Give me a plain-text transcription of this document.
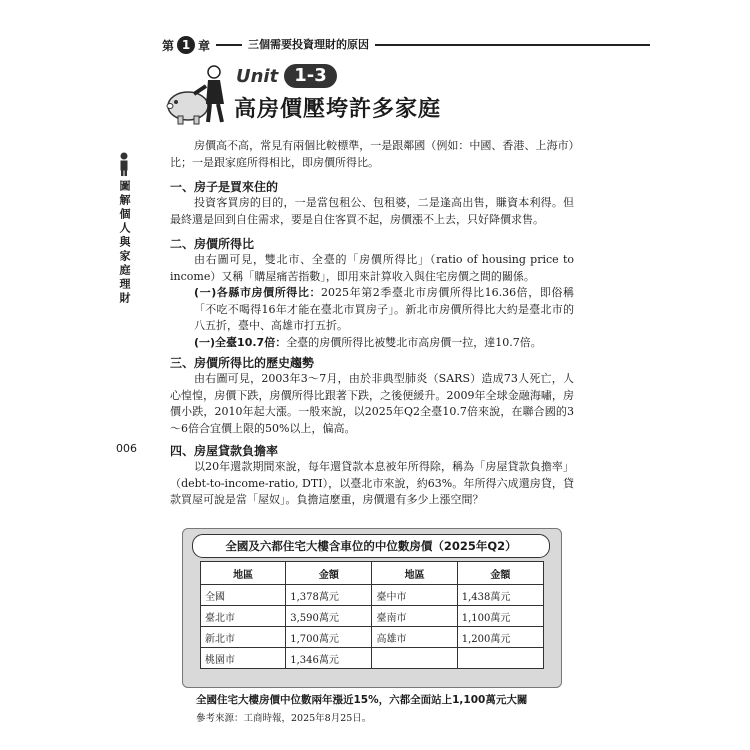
第 1 章	三個需要投資理財的原因
Unit 1-3
高房價壓垮許多家庭
圖解個人與家庭理財
006

房價高不高，常見有兩個比較標準，一是跟鄰國（例如：中國、香港、上海市）比；一是跟家庭所得相比，即房價所得比。

一、房子是買來住的

投資客買房的目的，一是當包租公、包租婆，二是逢高出售，賺資本利得。但最終還是回到自住需求，要是自住客買不起，房價漲不上去，只好降價求售。

二、房價所得比

由右圖可見，雙北市、全臺的「房價所得比」（ratio of housing price to income）又稱「購屋痛苦指數」，即用來計算收入與住宅房價之間的關係。

(一)各縣市房價所得比：2025年第2季臺北市房價所得比16.36倍，即俗稱「不吃不喝得16年才能在臺北市買房子」。新北市房價所得比大約是臺北市的八五折，臺中、高雄市打五折。

(一)全臺10.7倍：全臺的房價所得比被雙北市高房價一拉，達10.7倍。

三、房價所得比的歷史趨勢

由右圖可見，2003年3～7月，由於非典型肺炎（SARS）造成73人死亡，人心惶惶，房價下跌，房價所得比跟著下跌，之後便緩升。2009年全球金融海嘯，房價小跌，2010年起大漲。一般來說，以2025年Q2全臺10.7倍來說，在聯合國的3～6倍合宜價上限的50%以上，偏高。

四、房屋貸款負擔率

以20年還款期間來說，每年還貸款本息被年所得除，稱為「房屋貸款負擔率」（debt-to-income-ratio, DTI），以臺北市來說，約63%。年所得六成還房貸，貸款買屋可說是當「屋奴」。負擔這麼重，房價還有多少上漲空間？

全國及六都住宅大樓含車位的中位數房價（2025年Q2）
地區	金額	地區	金額
全國	1,378萬元	臺中市	1,438萬元
臺北市	3,590萬元	臺南市	1,100萬元
新北市	1,700萬元	高雄市	1,200萬元
桃園市	1,346萬元		
全國住宅大樓房價中位數兩年漲近15%，六都全面站上1,100萬元大關
參考來源：工商時報，2025年8月25日。
